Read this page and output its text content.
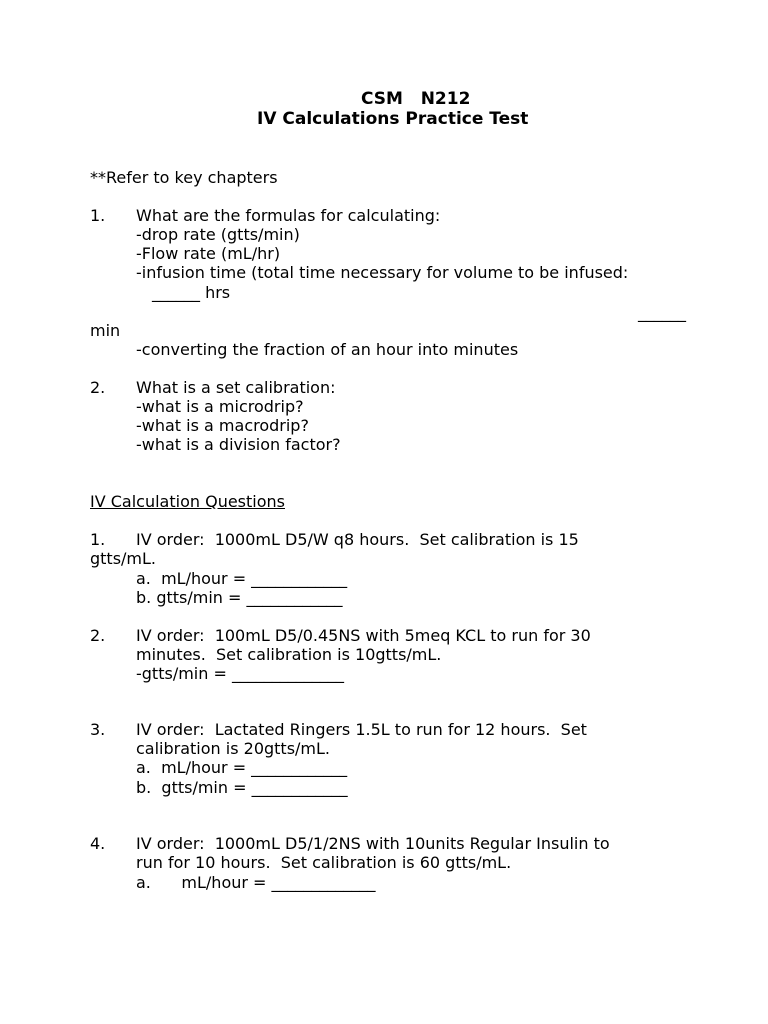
CSM   N212
IV Calculations Practice Test
**Refer to key chapters
1. What are the formulas for calculating:
-drop rate (gtts/min)
-Flow rate (mL/hr)
-infusion time (total time necessary for volume to be infused:
______ hrs
______
min
-converting the fraction of an hour into minutes
2. What is a set calibration:
-what is a microdrip?
-what is a macrodrip?
-what is a division factor?
IV Calculation Questions
1. IV order:  1000mL D5/W q8 hours.  Set calibration is 15
gtts/mL.
a.  mL/hour = ____________
b. gtts/min = ____________
2. IV order:  100mL D5/0.45NS with 5meq KCL to run for 30
minutes.  Set calibration is 10gtts/mL.
-gtts/min = ______________
3. IV order:  Lactated Ringers 1.5L to run for 12 hours.  Set
calibration is 20gtts/mL.
a.  mL/hour = ____________
b.  gtts/min = ____________
4. IV order:  1000mL D5/1/2NS with 10units Regular Insulin to
run for 10 hours.  Set calibration is 60 gtts/mL.
a.      mL/hour = _____________
